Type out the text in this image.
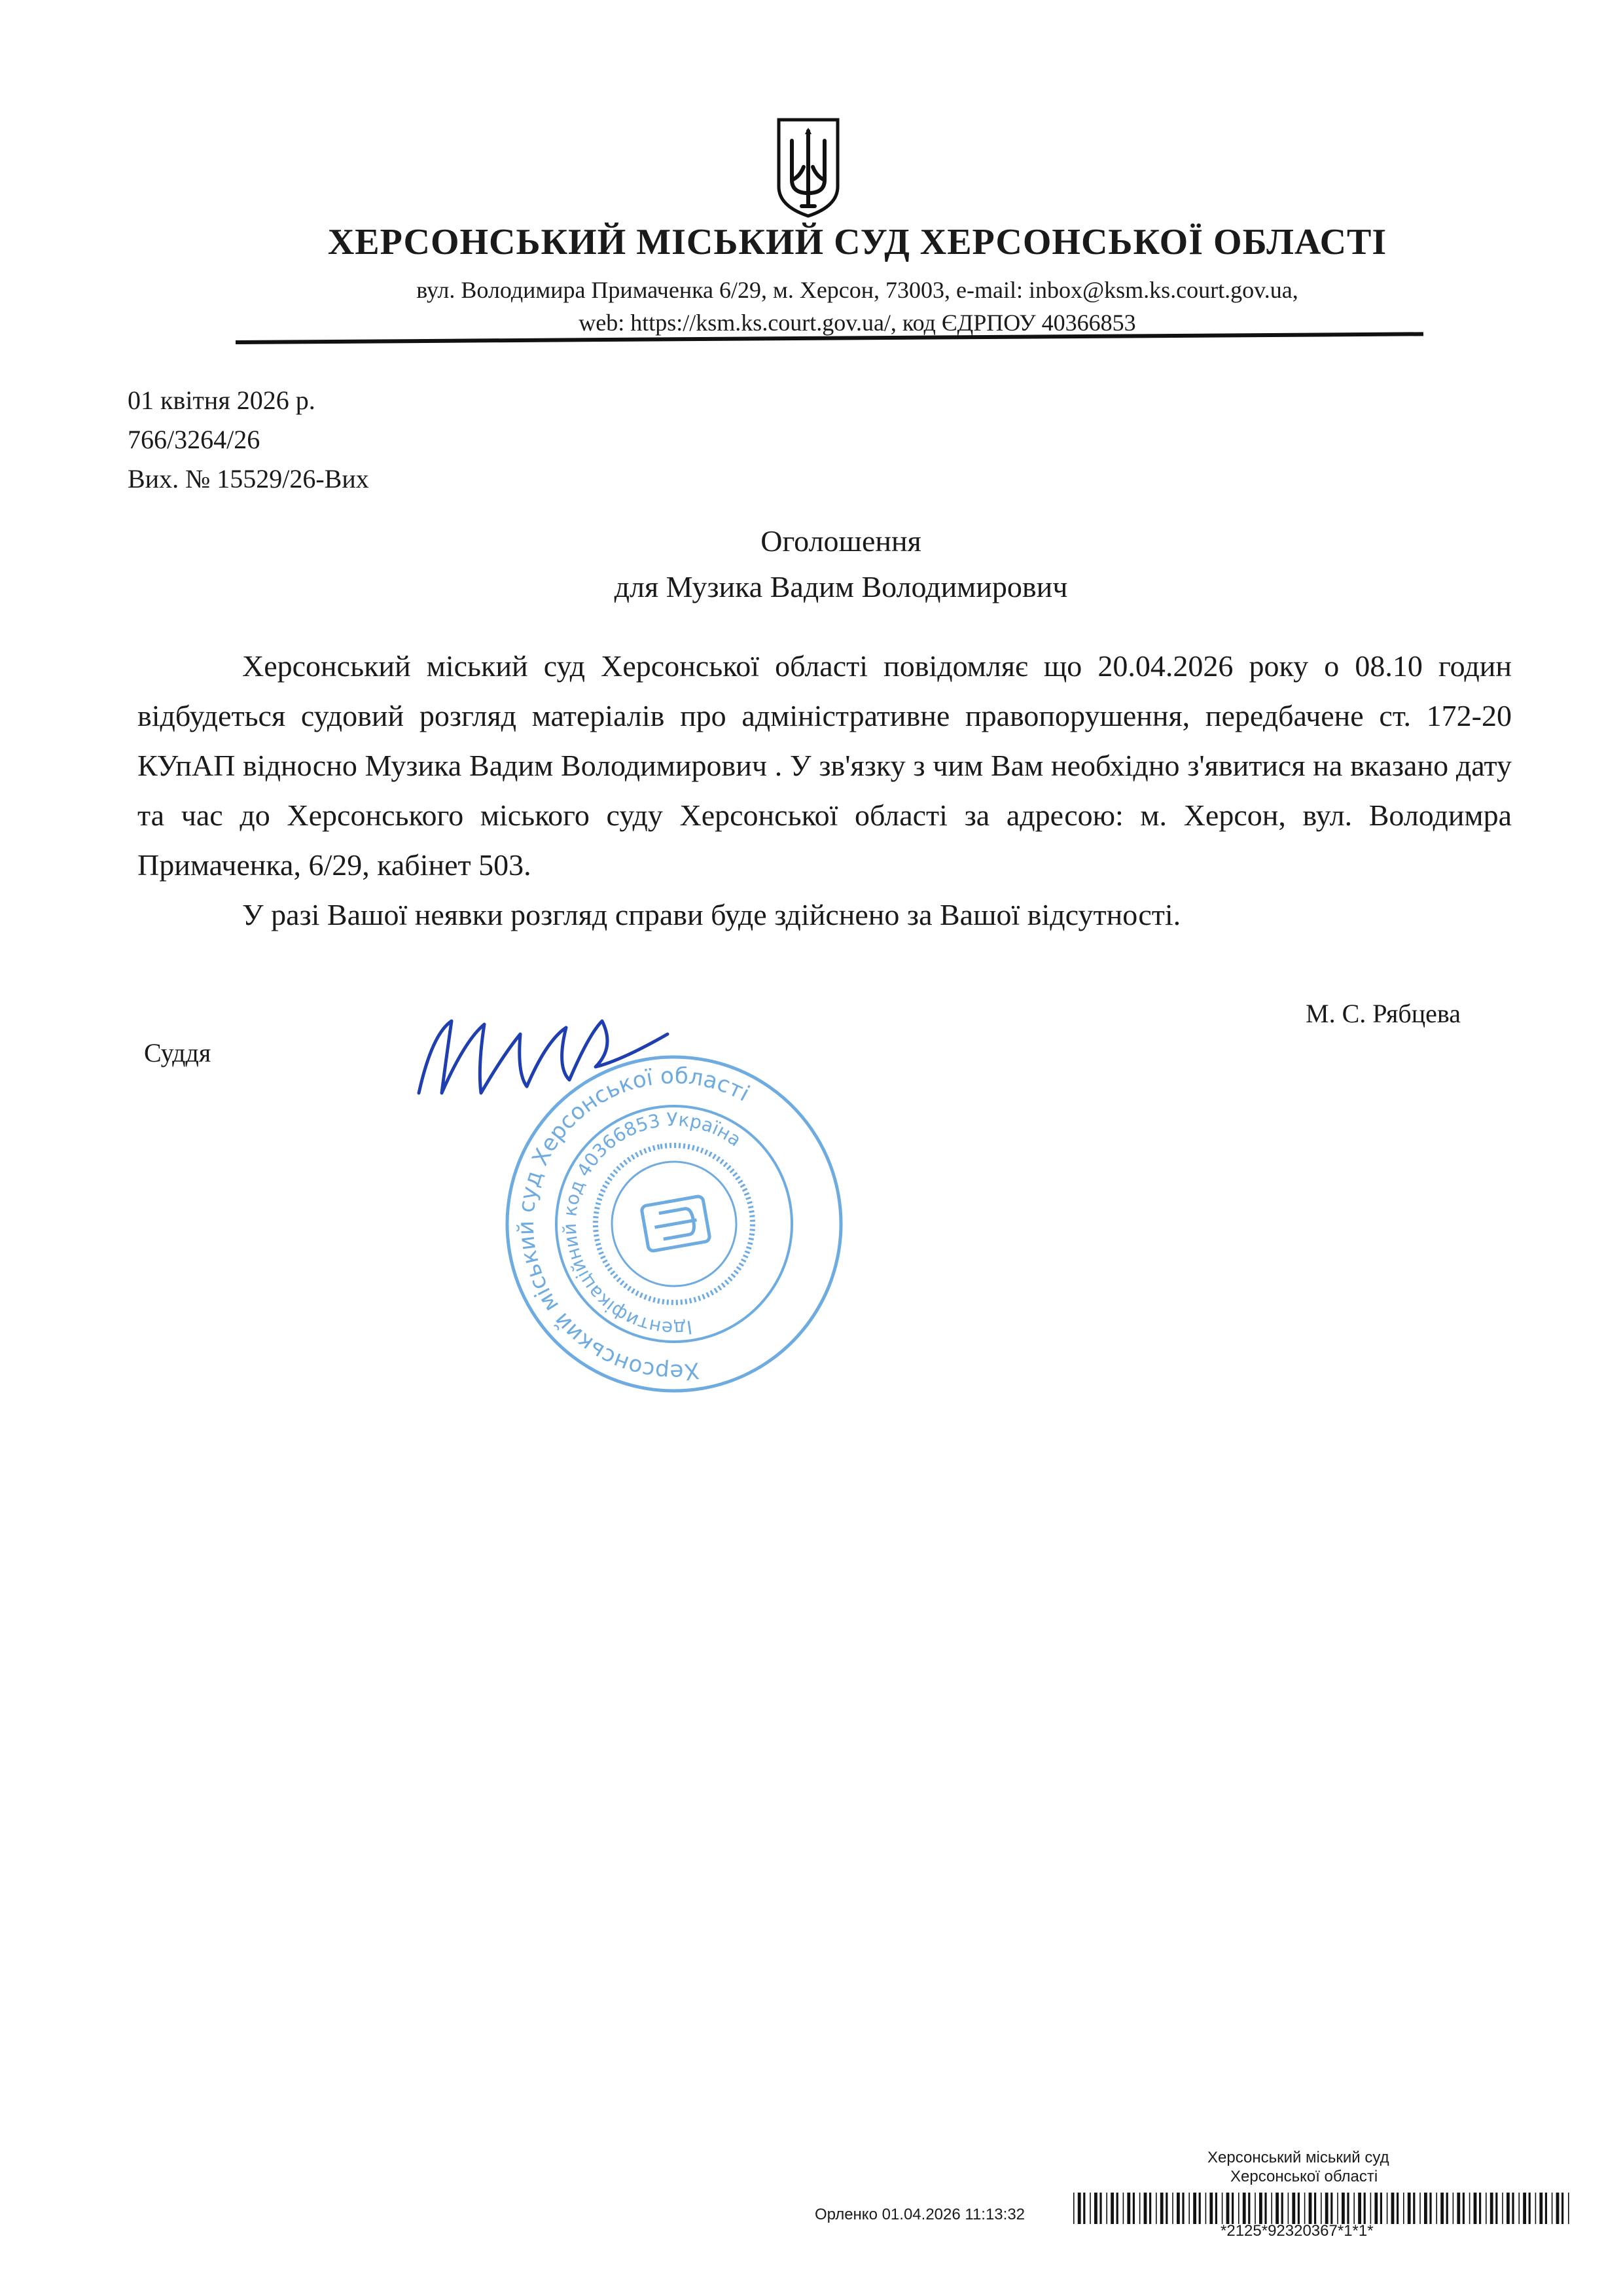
ХЕРСОНСЬКИЙ МІСЬКИЙ СУД ХЕРСОНСЬКОЇ ОБЛАСТІ
вул. Володимира Примаченка 6/29, м. Херсон, 73003, e-mail: inbox@ksm.ks.court.gov.ua,
web: https://ksm.ks.court.gov.ua/, код ЄДРПОУ 40366853
01 квітня 2026 р.
766/3264/26
Вих. № 15529/26-Вих
Оголошення
для Музика Вадим Володимирович

Херсонський міський суд Херсонської області повідомляє що 20.04.2026 року о 08.10 годин відбудеться судовий розгляд матеріалів про адміністративне правопорушення, передбачене ст. 172-20 КУпАП відносно Музика Вадим Володимирович . У зв'язку з чим Вам необхідно з'явитися на вказано дату та час до Херсонського міського суду Херсонської області за адресою: м. Херсон, вул. Володимра Примаченка, 6/29, кабінет 503.

У разі Вашої неявки розгляд справи буде здійснено за Вашої відсутності.

М. С. Рябцева
Суддя
Херсонський міський суд Херсонської області
Ідентифікаційний код 40366853 Україна
Херсонський міський суд
Херсонської області
Орленко 01.04.2026 11:13:32
*2125*92320367*1*1*
